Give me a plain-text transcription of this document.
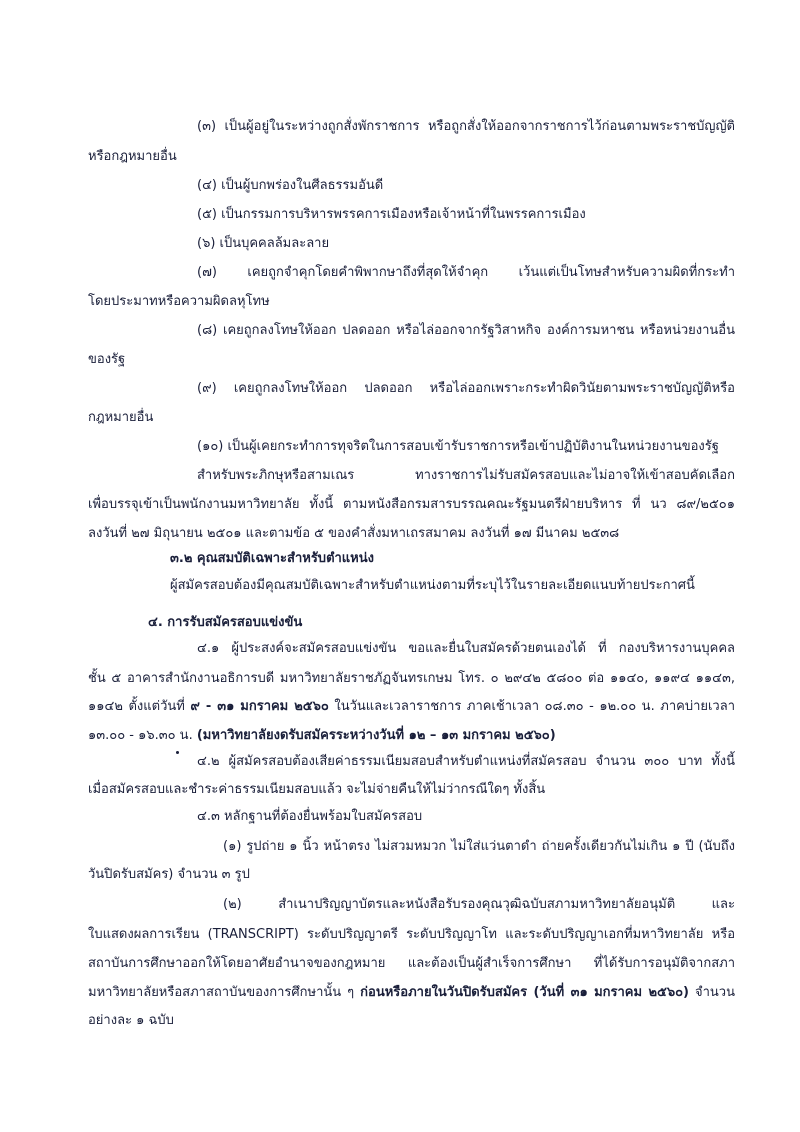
(๓) เป็นผู้อยู่ในระหว่างถูกสั่งพักราชการ หรือถูกสั่งให้ออกจากราชการไว้ก่อนตามพระราชบัญญัติ
หรือกฎหมายอื่น
(๔) เป็นผู้บกพร่องในศีลธรรมอันดี
(๕) เป็นกรรมการบริหารพรรคการเมืองหรือเจ้าหน้าที่ในพรรคการเมือง
(๖) เป็นบุคคลล้มละลาย
(๗) เคยถูกจำคุกโดยคำพิพากษาถึงที่สุดให้จำคุก เว้นแต่เป็นโทษสำหรับความผิดที่กระทำ
โดยประมาทหรือความผิดลหุโทษ
(๘) เคยถูกลงโทษให้ออก ปลดออก หรือไล่ออกจากรัฐวิสาหกิจ องค์การมหาชน หรือหน่วยงานอื่น
ของรัฐ
(๙) เคยถูกลงโทษให้ออก ปลดออก หรือไล่ออกเพราะกระทำผิดวินัยตามพระราชบัญญัติหรือ
กฎหมายอื่น
(๑๐) เป็นผู้เคยกระทำการทุจริตในการสอบเข้ารับราชการหรือเข้าปฏิบัติงานในหน่วยงานของรัฐ
สำหรับพระภิกษุหรือสามเณร ทางราชการไม่รับสมัครสอบและไม่อาจให้เข้าสอบคัดเลือก
เพื่อบรรจุเข้าเป็นพนักงานมหาวิทยาลัย ทั้งนี้ ตามหนังสือกรมสารบรรณคณะรัฐมนตรีฝ่ายบริหาร ที่ นว ๘๙/๒๕๐๑
ลงวันที่ ๒๗ มิถุนายน ๒๕๐๑ และตามข้อ ๕ ของคำสั่งมหาเถรสมาคม ลงวันที่ ๑๗ มีนาคม ๒๕๓๘
๓.๒ คุณสมบัติเฉพาะสำหรับตำแหน่ง
ผู้สมัครสอบต้องมีคุณสมบัติเฉพาะสำหรับตำแหน่งตามที่ระบุไว้ในรายละเอียดแนบท้ายประกาศนี้
๔. การรับสมัครสอบแข่งขัน
๔.๑ ผู้ประสงค์จะสมัครสอบแข่งขัน ขอและยื่นใบสมัครด้วยตนเองได้ ที่ กองบริหารงานบุคคล
ชั้น ๕ อาคารสำนักงานอธิการบดี มหาวิทยาลัยราชภัฏจันทรเกษม โทร. ๐ ๒๙๔๒ ๕๘๐๐ ต่อ ๑๑๔๐, ๑๑๙๔ ๑๑๔๓,
๑๑๔๒ ตั้งแต่วันที่ ๙ - ๓๑ มกราคม ๒๕๖๐ ในวันและเวลาราชการ ภาคเช้าเวลา ๐๘.๓๐ - ๑๒.๐๐ น. ภาคบ่ายเวลา
๑๓.๐๐ - ๑๖.๓๐ น. (มหาวิทยาลัยงดรับสมัครระหว่างวันที่ ๑๒ – ๑๓ มกราคม ๒๕๖๐)
๔.๒ ผู้สมัครสอบต้องเสียค่าธรรมเนียมสอบสำหรับตำแหน่งที่สมัครสอบ จำนวน ๓๐๐ บาท ทั้งนี้
เมื่อสมัครสอบและชำระค่าธรรมเนียมสอบแล้ว จะไม่จ่ายคืนให้ไม่ว่ากรณีใดๆ ทั้งสิ้น
๔.๓ หลักฐานที่ต้องยื่นพร้อมใบสมัครสอบ
(๑) รูปถ่าย ๑ นิ้ว หน้าตรง ไม่สวมหมวก ไม่ใส่แว่นตาดำ ถ่ายครั้งเดียวกันไม่เกิน ๑ ปี (นับถึง
วันปิดรับสมัคร) จำนวน ๓ รูป
(๒) สำเนาปริญญาบัตรและหนังสือรับรองคุณวุฒิฉบับสภามหาวิทยาลัยอนุมัติ และ
ใบแสดงผลการเรียน (TRANSCRIPT) ระดับปริญญาตรี ระดับปริญญาโท และระดับปริญญาเอกที่มหาวิทยาลัย หรือ
สถาบันการศึกษาออกให้โดยอาศัยอำนาจของกฎหมาย และต้องเป็นผู้สำเร็จการศึกษา ที่ได้รับการอนุมัติจากสภา
มหาวิทยาลัยหรือสภาสถาบันของการศึกษานั้น ๆ ก่อนหรือภายในวันปิดรับสมัคร (วันที่ ๓๑ มกราคม ๒๕๖๐) จำนวน
อย่างละ ๑ ฉบับ
